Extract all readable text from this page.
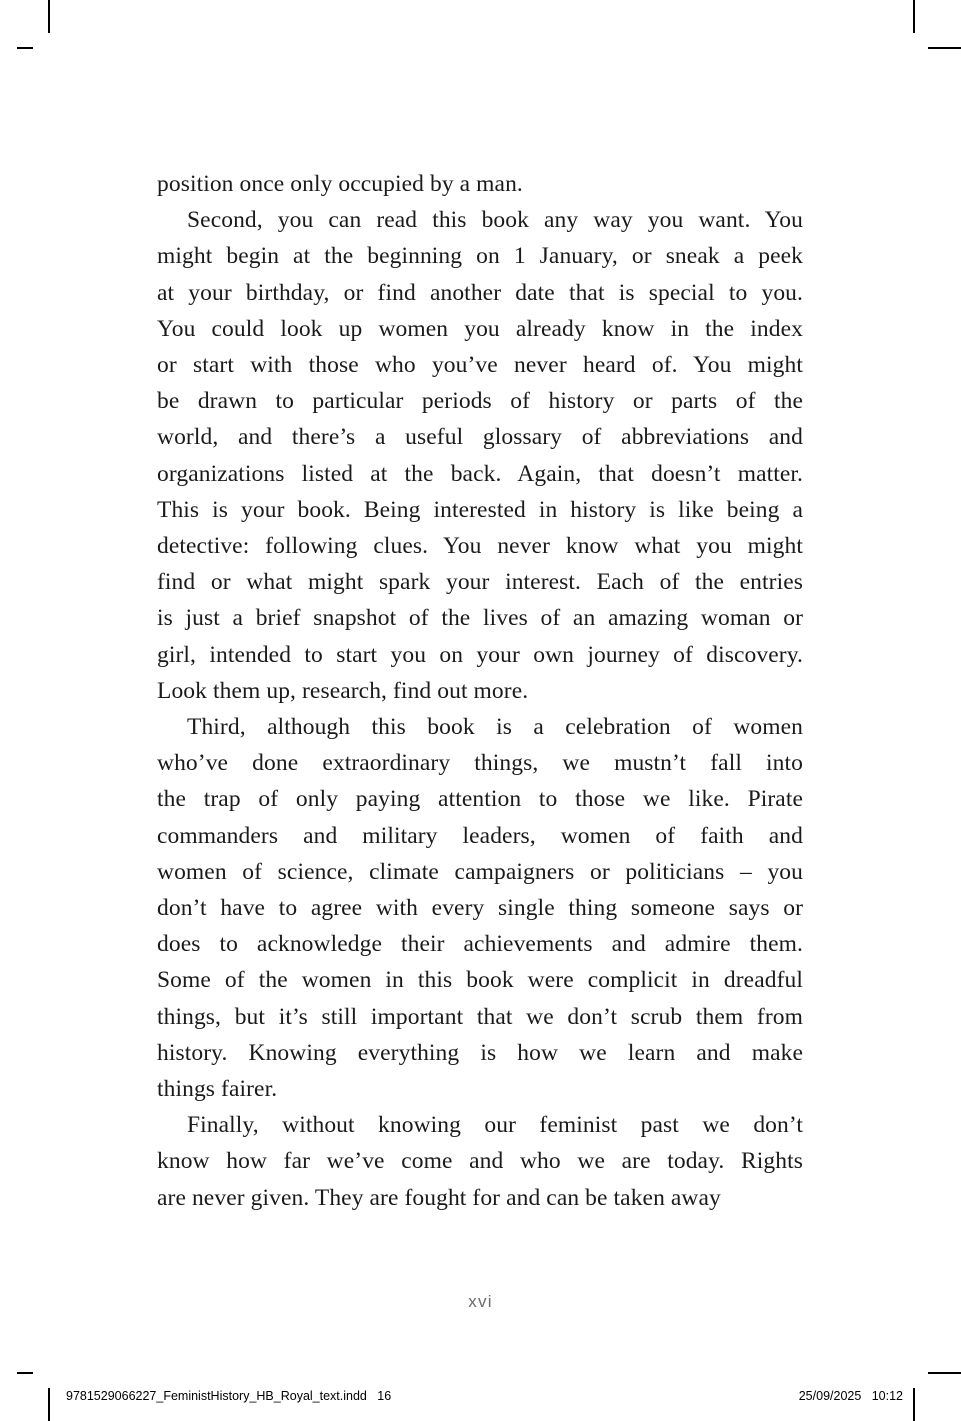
position once only occupied by a man.

Second, you can read this book any way you want. You
might begin at the beginning on 1 January, or sneak a peek
at your birthday, or find another date that is special to you.
You could look up women you already know in the index
or start with those who you’ve never heard of. You might
be drawn to particular periods of history or parts of the
world, and there’s a useful glossary of abbreviations and
organizations listed at the back. Again, that doesn’t matter.
This is your book. Being interested in history is like being a
detective: following clues. You never know what you might
find or what might spark your interest. Each of the entries
is just a brief snapshot of the lives of an amazing woman or
girl, intended to start you on your own journey of discovery.
Look them up, research, find out more.

Third, although this book is a celebration of women
who’ve done extraordinary things, we mustn’t fall into
the trap of only paying attention to those we like. Pirate
commanders and military leaders, women of faith and
women of science, climate campaigners or politicians – you
don’t have to agree with every single thing someone says or
does to acknowledge their achievements and admire them.
Some of the women in this book were complicit in dreadful
things, but it’s still important that we don’t scrub them from
history. Knowing everything is how we learn and make
things fairer.

Finally, without knowing our feminist past we don’t
know how far we’ve come and who we are today. Rights
are never given. They are fought for and can be taken away

xvi
9781529066227_FeministHistory_HB_Royal_text.indd   16	25/09/2025   10:12
